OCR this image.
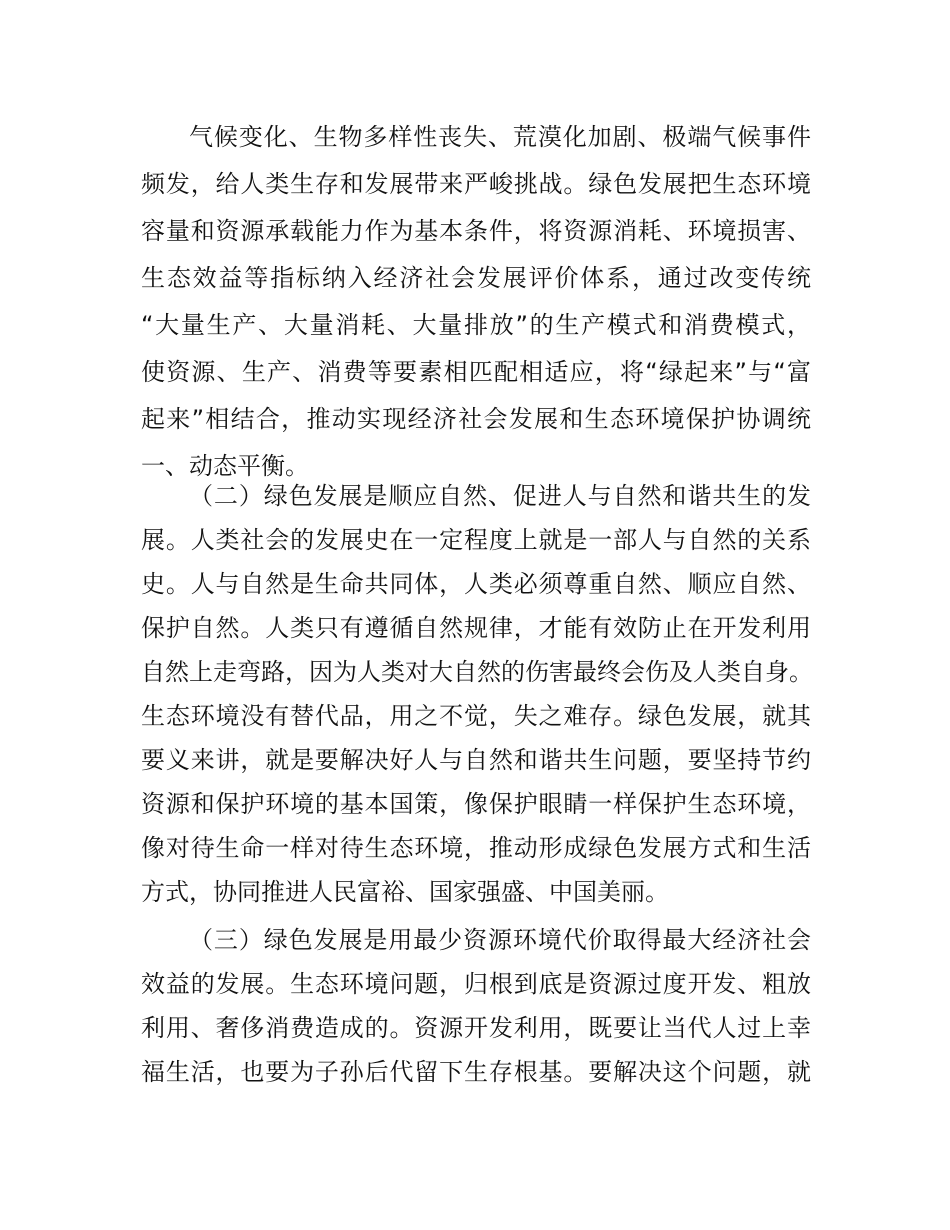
气候变化、生物多样性丧失、荒漠化加剧、极端气候事件
频发，给人类生存和发展带来严峻挑战。绿色发展把生态环境
容量和资源承载能力作为基本条件，将资源消耗、环境损害、
生态效益等指标纳入经济社会发展评价体系，通过改变传统
“大量生产、大量消耗、大量排放”的生产模式和消费模式，
使资源、生产、消费等要素相匹配相适应，将“绿起来”与“富
起来”相结合，推动实现经济社会发展和生态环境保护协调统
一、动态平衡。
（二）绿色发展是顺应自然、促进人与自然和谐共生的发
展。人类社会的发展史在一定程度上就是一部人与自然的关系
史。人与自然是生命共同体，人类必须尊重自然、顺应自然、
保护自然。人类只有遵循自然规律，才能有效防止在开发利用
自然上走弯路，因为人类对大自然的伤害最终会伤及人类自身。
生态环境没有替代品，用之不觉，失之难存。绿色发展，就其
要义来讲，就是要解决好人与自然和谐共生问题，要坚持节约
资源和保护环境的基本国策，像保护眼睛一样保护生态环境，
像对待生命一样对待生态环境，推动形成绿色发展方式和生活
方式，协同推进人民富裕、国家强盛、中国美丽。
（三）绿色发展是用最少资源环境代价取得最大经济社会
效益的发展。生态环境问题，归根到底是资源过度开发、粗放
利用、奢侈消费造成的。资源开发利用，既要让当代人过上幸
福生活，也要为子孙后代留下生存根基。要解决这个问题，就
